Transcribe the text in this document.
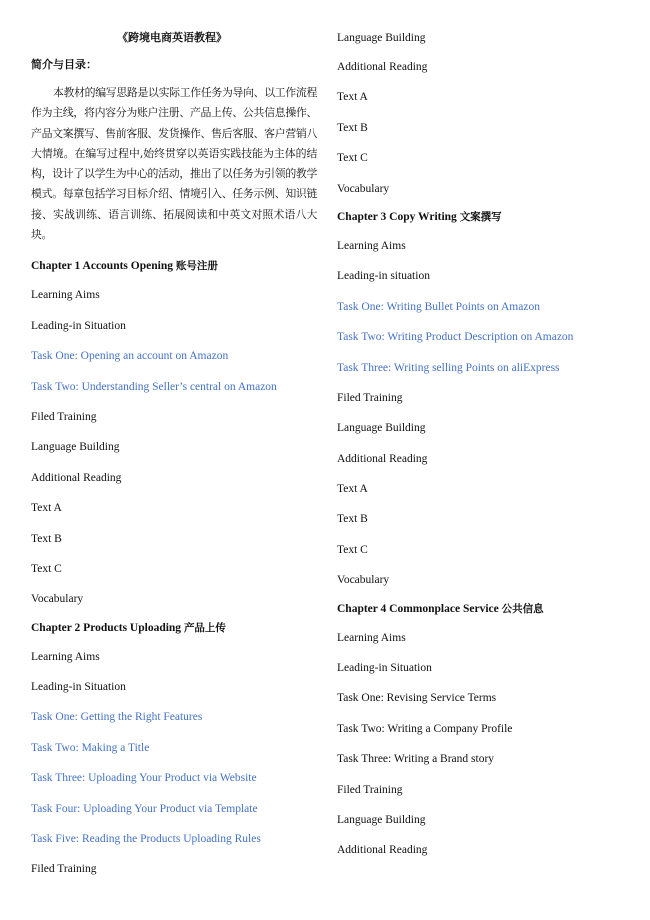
《跨境电商英语教程》
简介与目录：

本教材的编写思路是以实际工作任务为导向、以工作流程作为主线，将内容分为账户注册、产品上传、公共信息操作、产品文案撰写、售前客服、发货操作、售后客服、客户营销八大情境。在编写过程中,始终贯穿以英语实践技能为主体的结构，设计了以学生为中心的活动，推出了以任务为引领的教学模式。每章包括学习目标介绍、情境引入、任务示例、知识链接、实战训练、语言训练、拓展阅读和中英文对照术语八大块。

Chapter 1 Accounts Opening 账号注册
Learning Aims
Leading-in Situation
Task One: Opening an account on Amazon
Task Two: Understanding Seller’s central on Amazon
Filed Training
Language Building
Additional Reading
Text A
Text B
Text C
Vocabulary
Chapter 2 Products Uploading 产品上传
Learning Aims
Leading-in Situation
Task One: Getting the Right Features
Task Two: Making a Title
Task Three: Uploading Your Product via Website
Task Four: Uploading Your Product via Template
Task Five: Reading the Products Uploading Rules
Filed Training
Language Building
Additional Reading
Text A
Text B
Text C
Vocabulary
Chapter 3 Copy Writing 文案撰写
Learning Aims
Leading-in situation
Task One: Writing Bullet Points on Amazon
Task Two: Writing Product Description on Amazon
Task Three: Writing selling Points on aliExpress
Filed Training
Language Building
Additional Reading
Text A
Text B
Text C
Vocabulary
Chapter 4 Commonplace Service 公共信息
Learning Aims
Leading-in Situation
Task One: Revising Service Terms
Task Two: Writing a Company Profile
Task Three: Writing a Brand story
Filed Training
Language Building
Additional Reading
